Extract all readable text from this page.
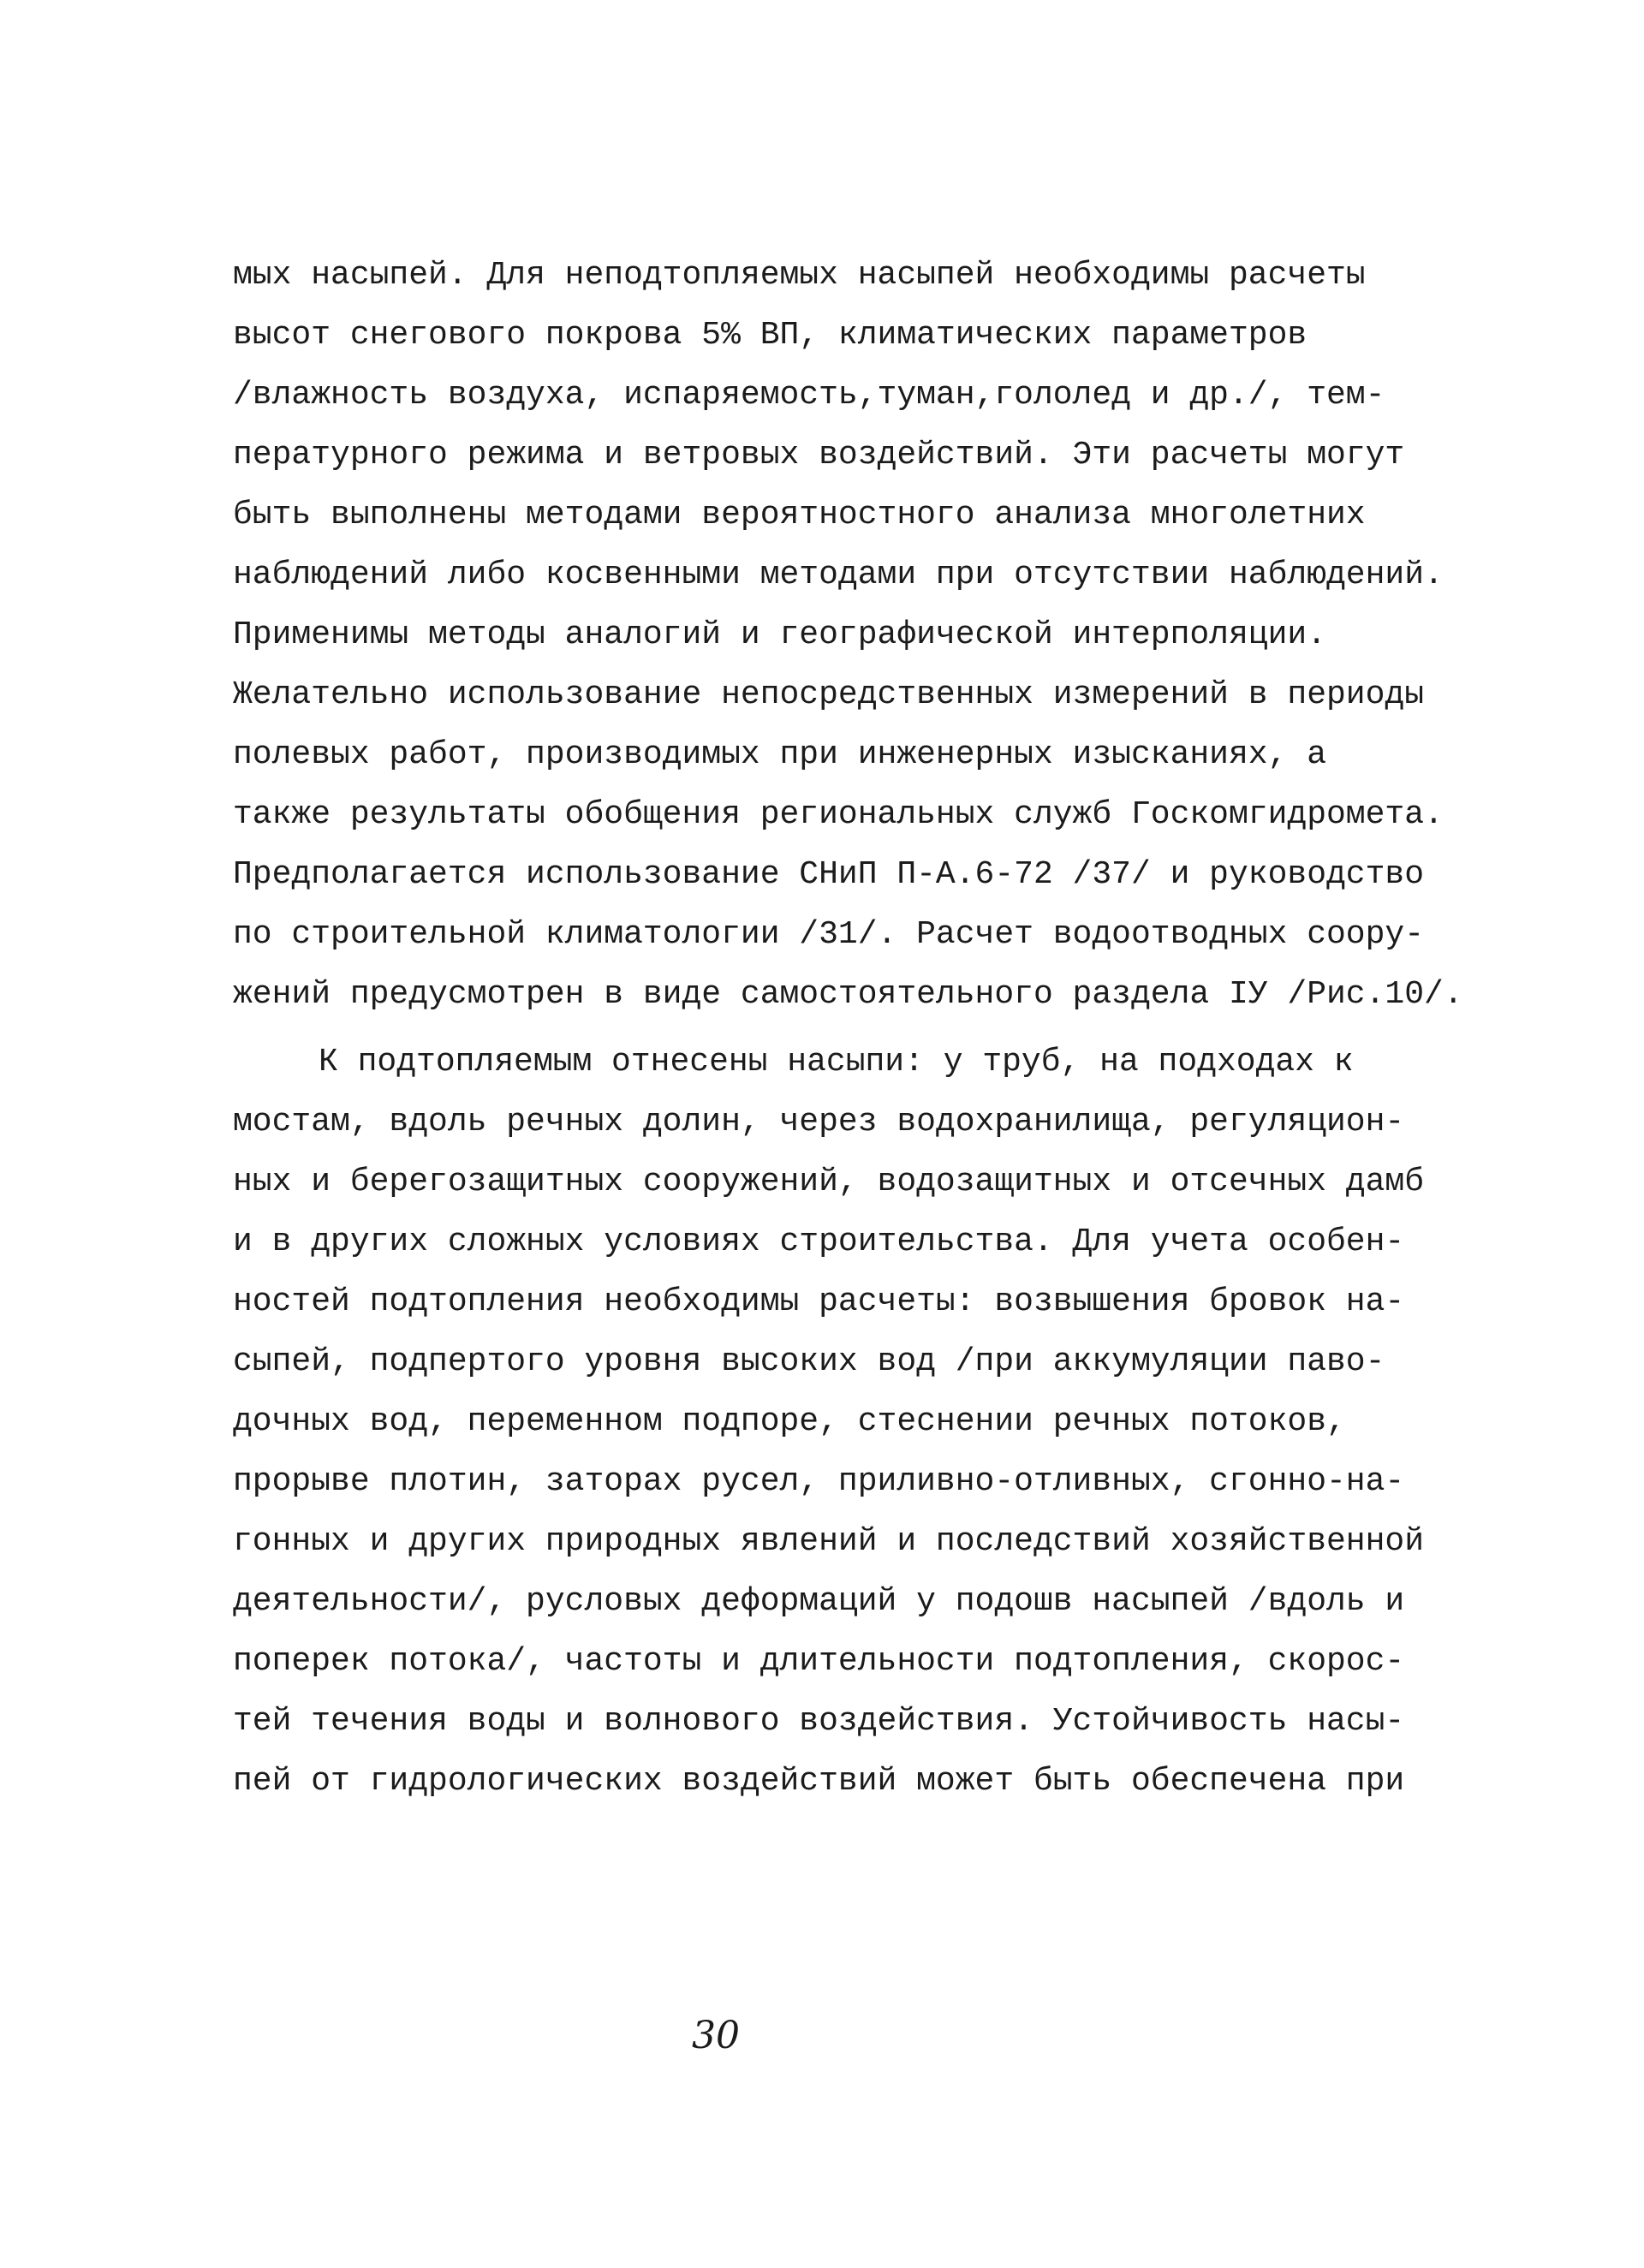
мых насыпей. Для неподтопляемых насыпей необходимы расчеты

высот снегового покрова 5% ВП, климатических параметров

/влажность воздуха, испаряемость,туман,гололед и др./, тем-

пературного режима и ветровых воздействий. Эти расчеты могут

быть выполнены методами вероятностного анализа многолетних

наблюдений либо косвенными методами при отсутствии наблюдений.

Применимы методы аналогий и географической интерполяции.

Желательно использование непосредственных измерений в периоды

полевых работ, производимых при инженерных изысканиях, а

также результаты обобщения региональных служб Госкомгидромета.

Предполагается использование СНиП П-А.6-72 /37/ и руководство

по строительной климатологии /31/. Расчет водоотводных соору-

жений предусмотрен в виде самостоятельного раздела IУ /Рис.10/.

К подтопляемым отнесены насыпи: у труб, на подходах к

мостам, вдоль речных долин, через водохранилища, регуляцион-

ных и берегозащитных сооружений, водозащитных и отсечных дамб

и в других сложных условиях строительства. Для учета особен-

ностей подтопления необходимы расчеты: возвышения бровок на-

сыпей, подпертого уровня высоких вод /при аккумуляции паво-

дочных вод, переменном подпоре, стеснении речных потоков,

прорыве плотин, заторах русел, приливно-отливных, сгонно-на-

гонных и других природных явлений и последствий хозяйственной

деятельности/, русловых деформаций у подошв насыпей /вдоль и

поперек потока/, частоты и длительности подтопления, скорос-

тей течения воды и волнового воздействия. Устойчивость насы-

пей от гидрологических воздействий может быть обеспечена при

30
